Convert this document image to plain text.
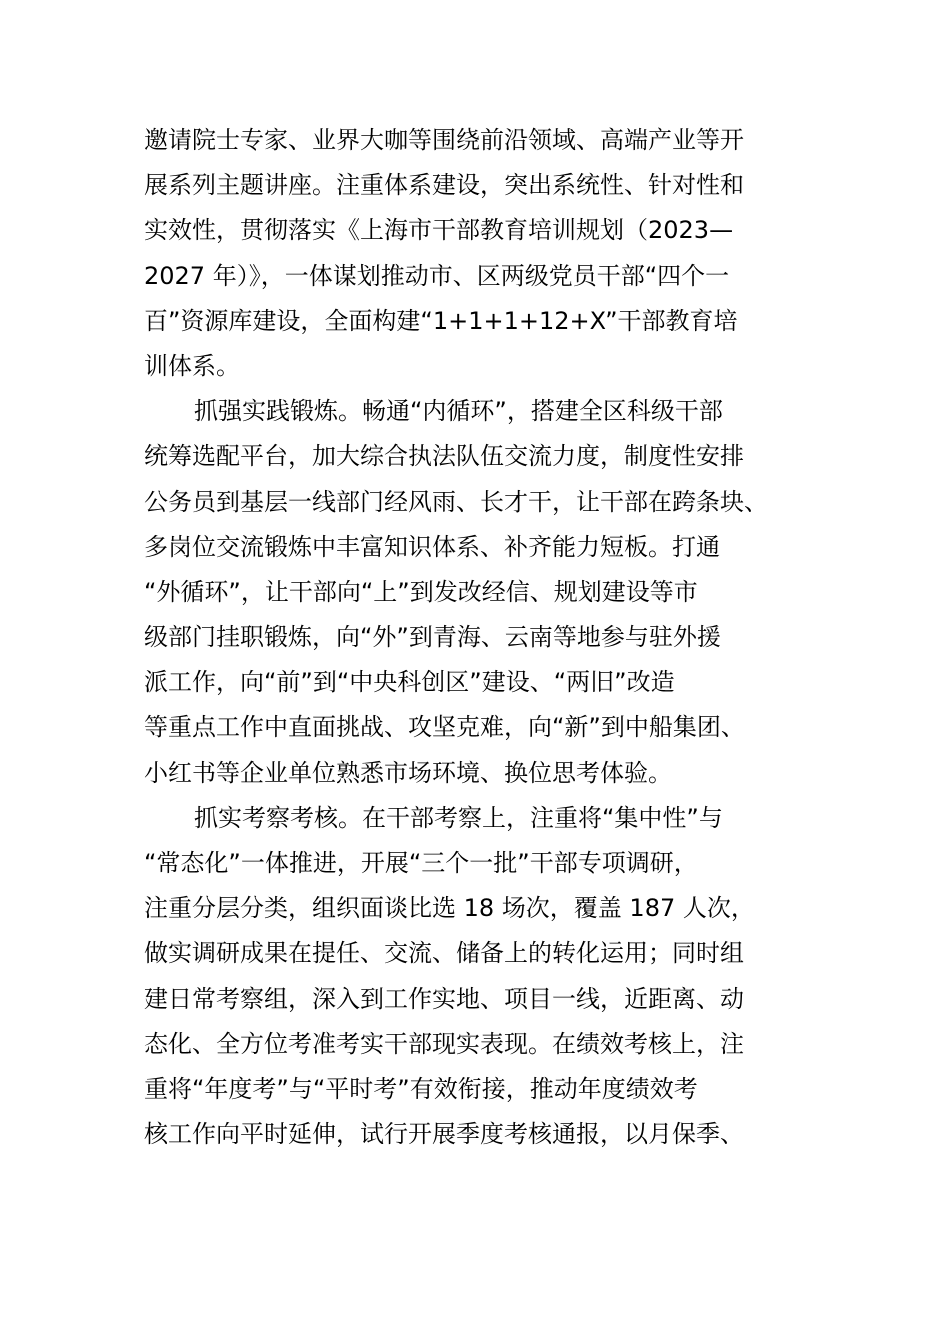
邀请院士专家、业界大咖等围绕前沿领域、高端产业等开
展系列主题讲座。注重体系建设，突出系统性、针对性和
实效性，贯彻落实《上海市干部教育培训规划（2023—
2027 年）》，一体谋划推动市、区两级党员干部“四个一
百”资源库建设，全面构建“1+1+1+12+X”干部教育培
训体系。
抓强实践锻炼。畅通“内循环”，搭建全区科级干部
统筹选配平台，加大综合执法队伍交流力度，制度性安排
公务员到基层一线部门经风雨、长才干，让干部在跨条块、
多岗位交流锻炼中丰富知识体系、补齐能力短板。打通
“外循环”，让干部向“上”到发改经信、规划建设等市
级部门挂职锻炼，向“外”到青海、云南等地参与驻外援
派工作，向“前”到“中央科创区”建设、“两旧”改造
等重点工作中直面挑战、攻坚克难，向“新”到中船集团、
小红书等企业单位熟悉市场环境、换位思考体验。
抓实考察考核。在干部考察上，注重将“集中性”与
“常态化”一体推进，开展“三个一批”干部专项调研，
注重分层分类，组织面谈比选 18 场次，覆盖 187 人次，
做实调研成果在提任、交流、储备上的转化运用；同时组
建日常考察组，深入到工作实地、项目一线，近距离、动
态化、全方位考准考实干部现实表现。在绩效考核上，注
重将“年度考”与“平时考”有效衔接，推动年度绩效考
核工作向平时延伸，试行开展季度考核通报，以月保季、
